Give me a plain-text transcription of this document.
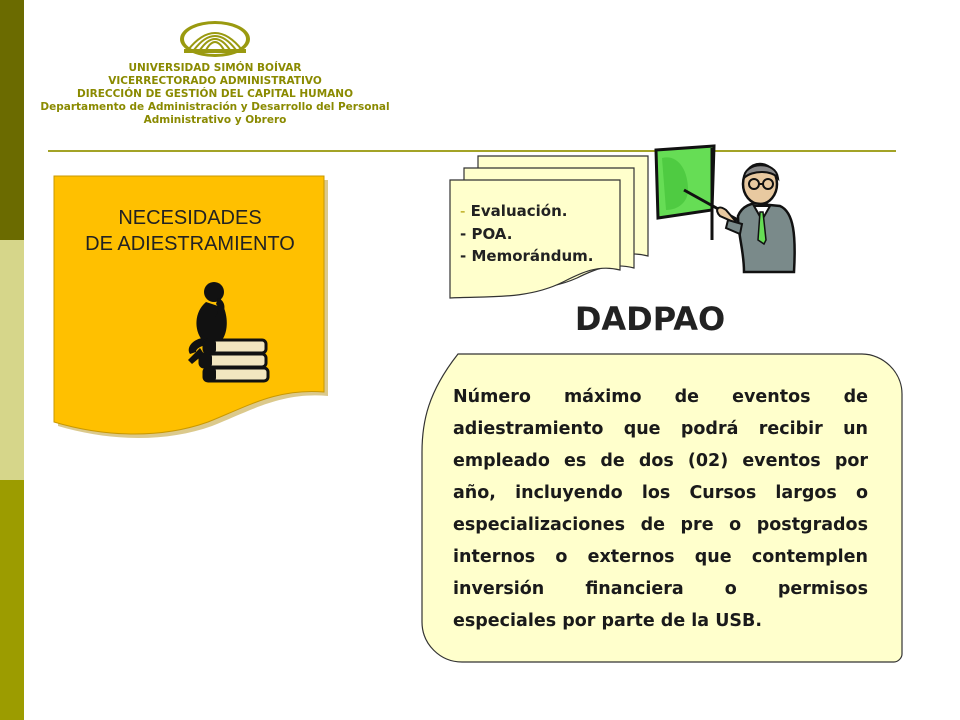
UNIVERSIDAD SIMÓN BOÍVAR
VICERRECTORADO ADMINISTRATIVO
DIRECCIÓN DE GESTIÓN DEL CAPITAL HUMANO
Departamento de Administración y Desarrollo del Personal
Administrativo y Obrero
NECESIDADES
DE ADIESTRAMIENTO
- Evaluación.
- POA.
- Memorándum.
DADPAO

Número máximo de eventos de adiestramiento que podrá recibir un empleado es de dos (02) eventos por año, incluyendo los Cursos largos o especializaciones de pre o postgrados internos o externos que contemplen inversión financiera o permisos especiales por parte de la USB.
